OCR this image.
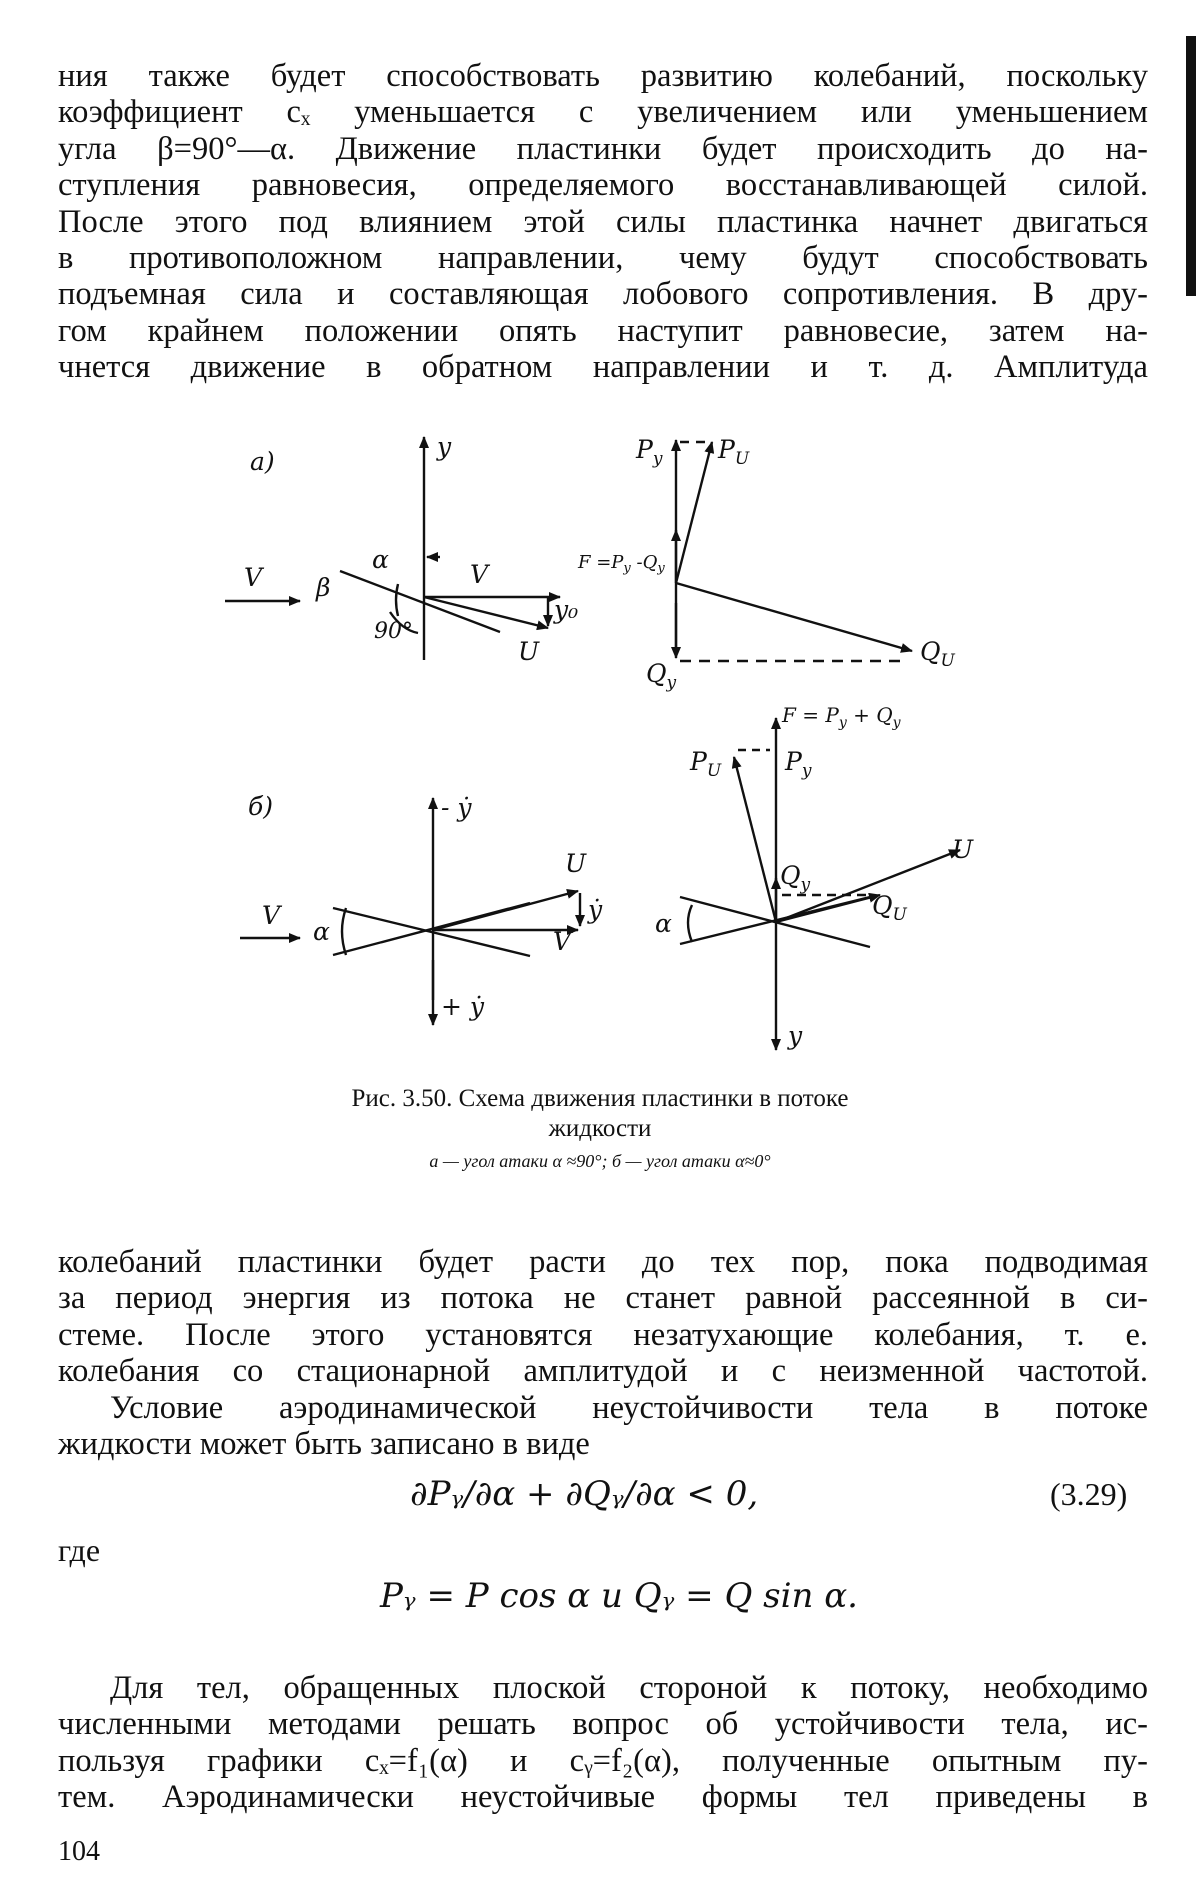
ния также будет способствовать развитию колебаний, поскольку
коэффициент cₓ уменьшается с увеличением или уменьшением
угла β=90°—α. Движение пластинки будет происходить до на-
ступления равновесия, определяемого восстанавливающей силой.
После этого под влиянием этой силы пластинка начнет двигаться
в противоположном направлении, чему будут способствовать
подъемная сила и составляющая лобового сопротивления. В дру-
гом крайнем положении опять наступит равновесие, затем на-
чнется движение в обратном направлении и т. д. Амплитуда
а)
y
α
V β	V
90°
y₀
U
$P_y$ $P_U$
$F =P_y$ $-Q_y$
$Q_y$
$Q_U$
б)	- ẏ
+ ẏ
V
α
U
ẏ
V
$F = P_y + Q_y$
$P_U$	$P_y$
U
$Q_y$
$Q_U$
α
y
Рис. 3.50. Схема движения пластинки в потоке
жидкости
а — угол атаки α ≈90°; б — угол атаки α≈0°
колебаний пластинки будет расти до тех пор, пока подводимая
за период энергия из потока не станет равной рассеянной в си-
стеме. После этого установятся незатухающие колебания, т. е.
колебания со стационарной амплитудой и с неизменной частотой.
Условие аэродинамической неустойчивости тела в потоке
жидкости может быть записано в виде
∂Pᵧ/∂α + ∂Qᵧ/∂α < 0,	(3.29)
где
Pᵧ = P cos α и Qᵧ = Q sin α.
Для тел, обращенных плоской стороной к потоку, необходимо
численными методами решать вопрос об устойчивости тела, ис-
пользуя графики cₓ=f₁(α) и cᵧ=f₂(α), полученные опытным пу-
тем. Аэродинамически неустойчивые формы тел приведены в
104
